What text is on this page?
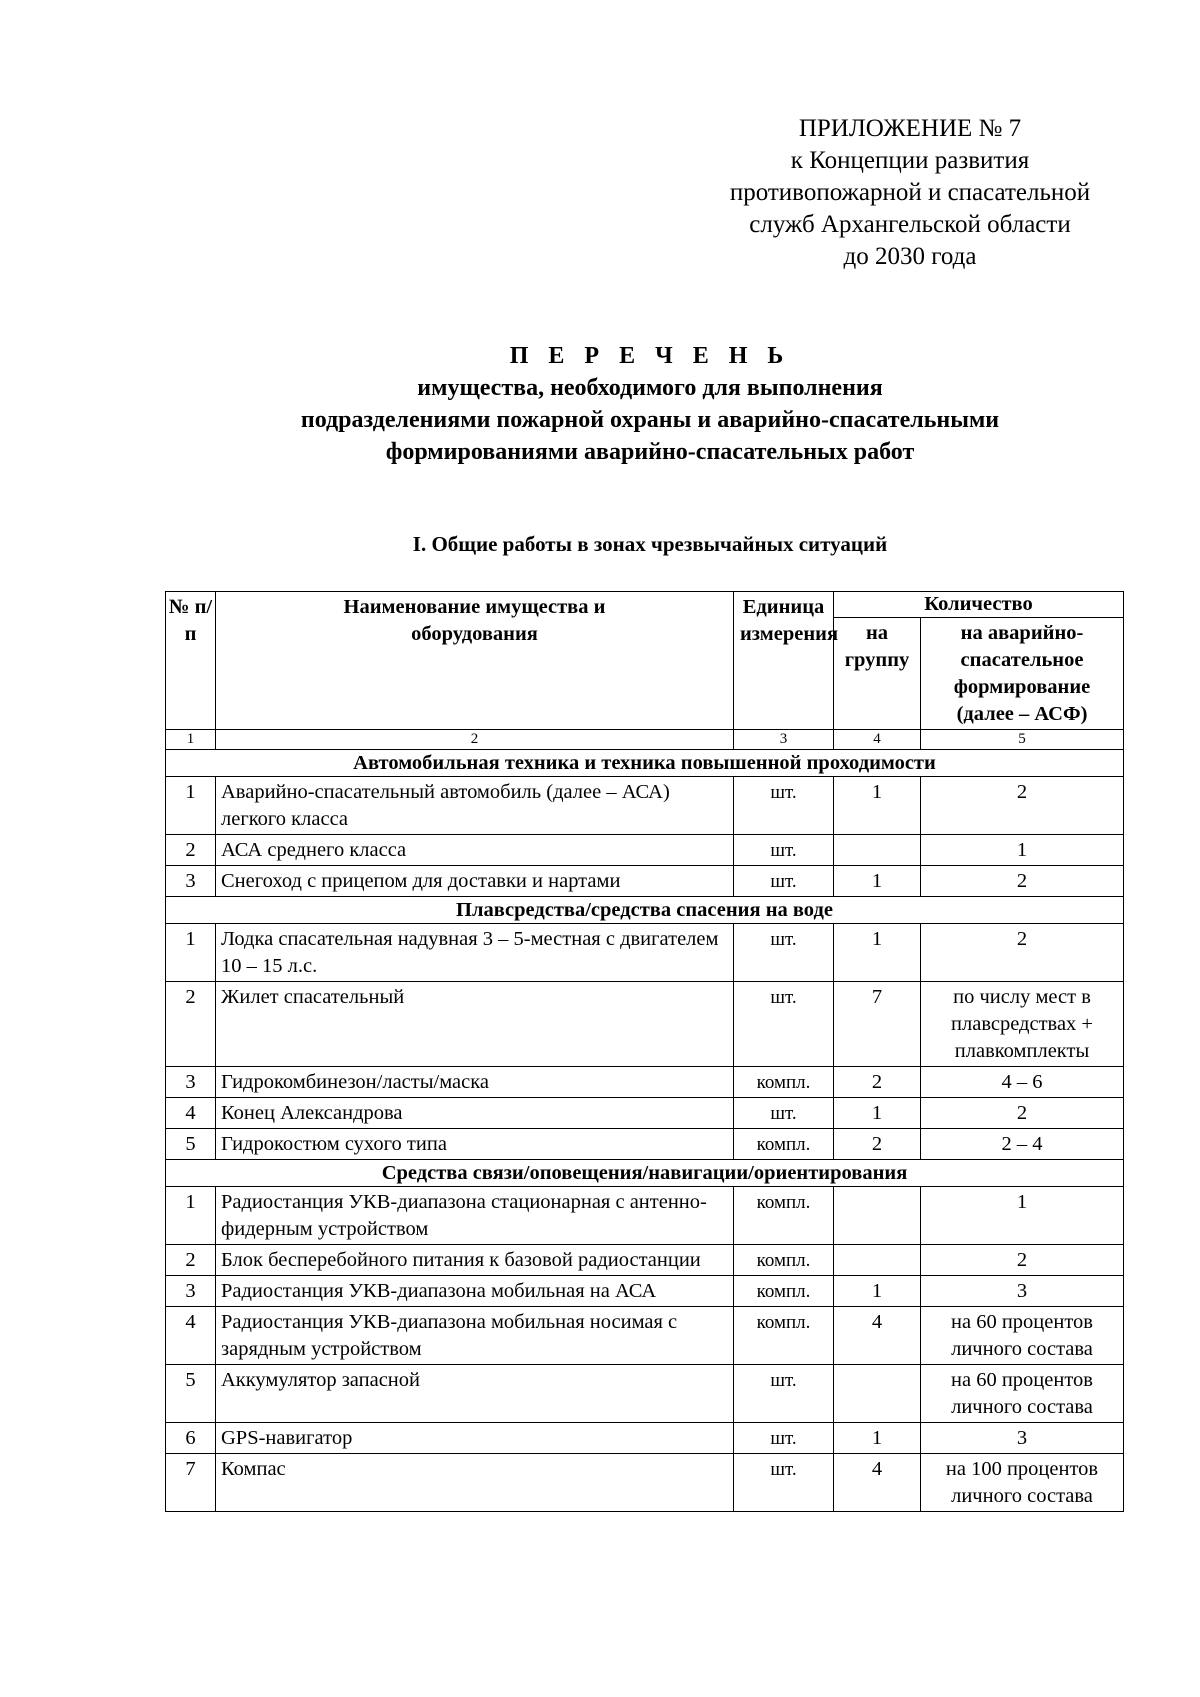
ПРИЛОЖЕНИЕ № 7
к Концепции развития
противопожарной и спасательной
служб Архангельской области
до 2030 года
П Е Р Е Ч Е Н Ь
имущества, необходимого для выполнения
подразделениями пожарной охраны и аварийно-спасательными
формированиями аварийно-спасательных работ
I. Общие работы в зонах чрезвычайных ситуаций
№ п/п	Наименование имущества и оборудования	Единица измерения	Количество	
			на группу	на аварийно-спасательное формирование (далее – АСФ)
1	2	3	4	5
Автомобильная техника и техника повышенной проходимости				
1	Аварийно-спасательный автомобиль (далее – АСА) легкого класса	шт.	1	2
2	АСА среднего класса	шт.		1
3	Снегоход с прицепом для доставки и нартами	шт.	1	2
Плавсредства/средства спасения на воде				
1	Лодка спасательная надувная 3 – 5-местная с двигателем 10 – 15 л.с.	шт.	1	2
2	Жилет спасательный	шт.	7	по числу мест в плавсредствах + плавкомплекты
3	Гидрокомбинезон/ласты/маска	компл.	2	4 – 6
4	Конец Александрова	шт.	1	2
5	Гидрокостюм сухого типа	компл.	2	2 – 4
Средства связи/оповещения/навигации/ориентирования				
1	Радиостанция УКВ-диапазона стационарная с антенно-фидерным устройством	компл.		1
2	Блок бесперебойного питания к базовой радиостанции	компл.		2
3	Радиостанция УКВ-диапазона мобильная на АСА	компл.	1	3
4	Радиостанция УКВ-диапазона мобильная носимая с зарядным устройством	компл.	4	на 60 процентов личного состава
5	Аккумулятор запасной	шт.		на 60 процентов личного состава
6	GPS-навигатор	шт.	1	3
7	Компас	шт.	4	на 100 процентов личного состава
